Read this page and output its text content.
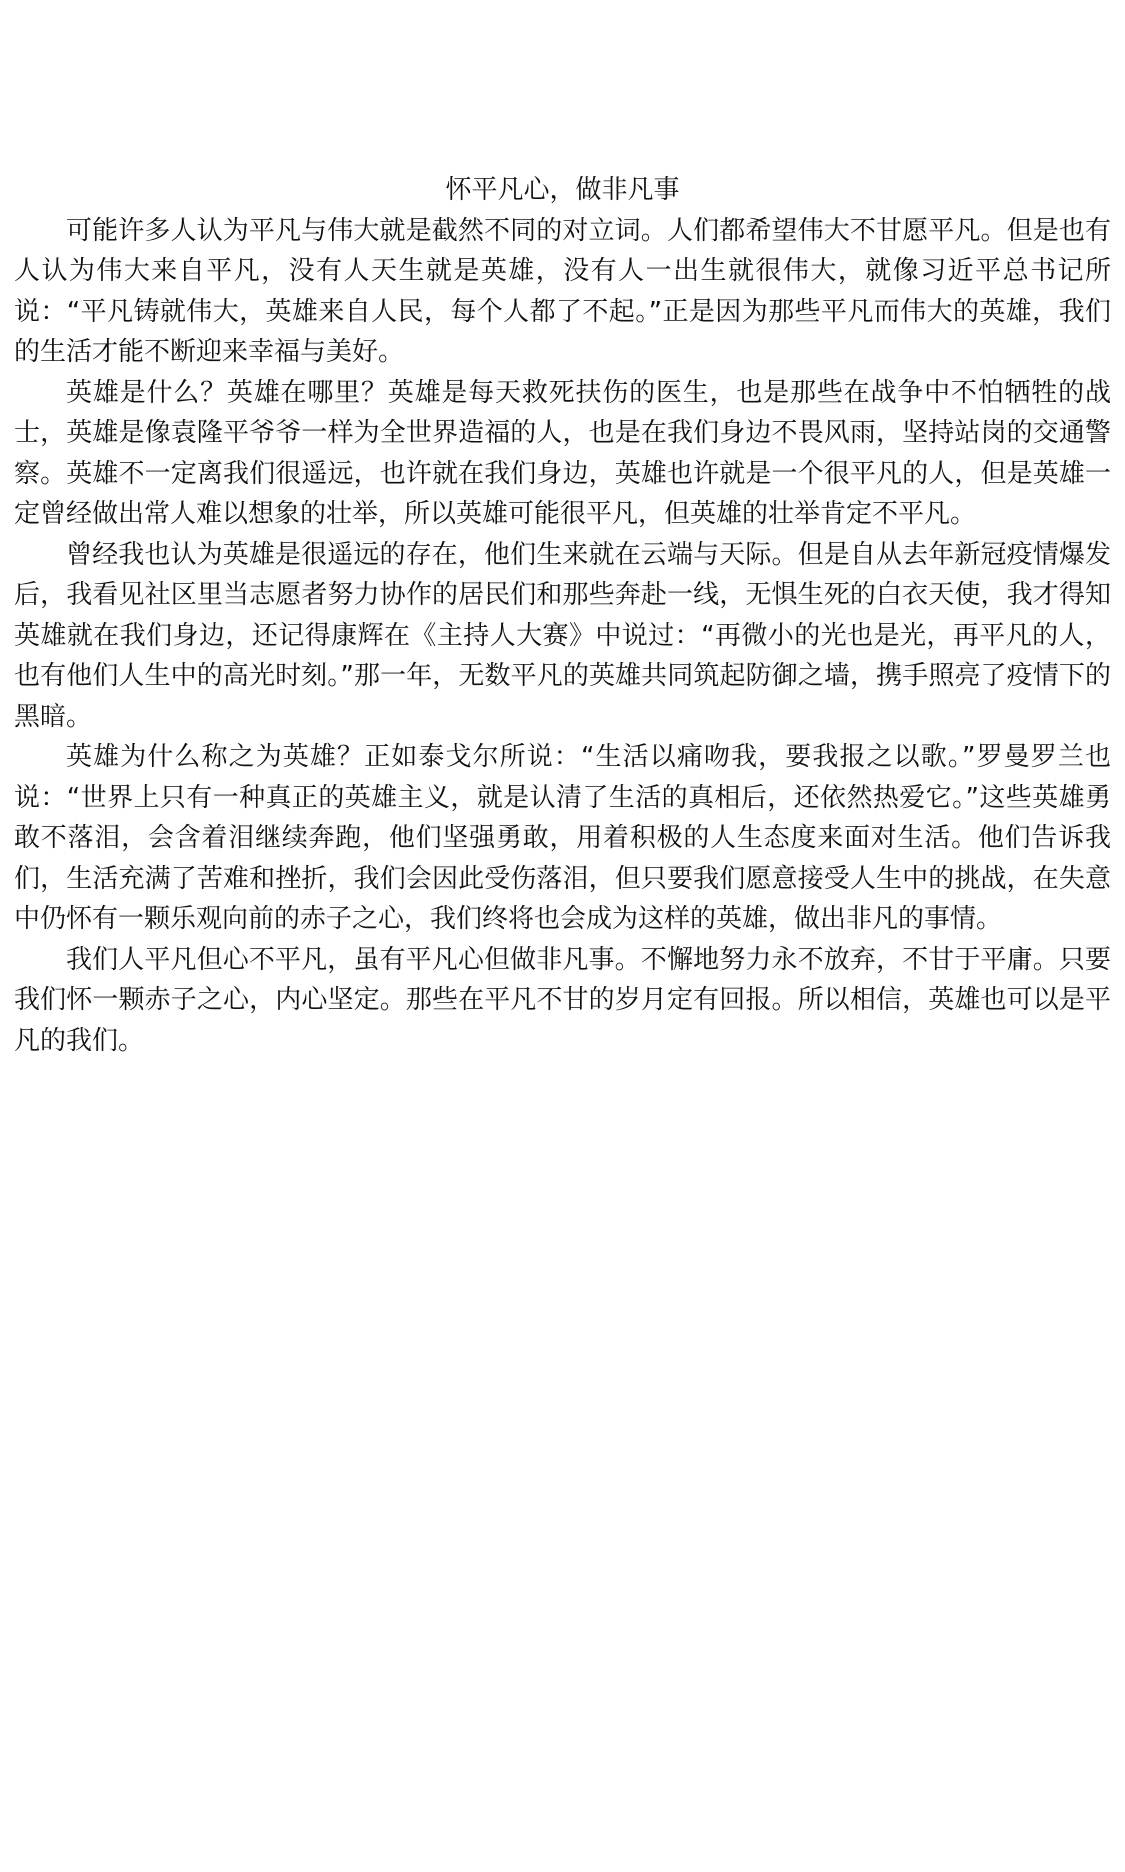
怀平凡心，做非凡事

可能许多人认为平凡与伟大就是截然不同的对立词。人们都希望伟大不甘愿平凡。但是也有人认为伟大来自平凡，没有人天生就是英雄，没有人一出生就很伟大，就像习近平总书记所说：“平凡铸就伟大，英雄来自人民，每个人都了不起。”正是因为那些平凡而伟大的英雄，我们的生活才能不断迎来幸福与美好。

英雄是什么？英雄在哪里？英雄是每天救死扶伤的医生，也是那些在战争中不怕牺牲的战士，英雄是像袁隆平爷爷一样为全世界造福的人，也是在我们身边不畏风雨，坚持站岗的交通警察。英雄不一定离我们很遥远，也许就在我们身边，英雄也许就是一个很平凡的人，但是英雄一定曾经做出常人难以想象的壮举，所以英雄可能很平凡，但英雄的壮举肯定不平凡。

曾经我也认为英雄是很遥远的存在，他们生来就在云端与天际。但是自从去年新冠疫情爆发后，我看见社区里当志愿者努力协作的居民们和那些奔赴一线，无惧生死的白衣天使，我才得知英雄就在我们身边，还记得康辉在《主持人大赛》中说过：“再微小的光也是光，再平凡的人，也有他们人生中的高光时刻。”那一年，无数平凡的英雄共同筑起防御之墙，携手照亮了疫情下的黑暗。

英雄为什么称之为英雄？正如泰戈尔所说：“生活以痛吻我，要我报之以歌。”罗曼罗兰也说：“世界上只有一种真正的英雄主义，就是认清了生活的真相后，还依然热爱它。”这些英雄勇敢不落泪，会含着泪继续奔跑，他们坚强勇敢，用着积极的人生态度来面对生活。他们告诉我们，生活充满了苦难和挫折，我们会因此受伤落泪，但只要我们愿意接受人生中的挑战，在失意中仍怀有一颗乐观向前的赤子之心，我们终将也会成为这样的英雄，做出非凡的事情。

我们人平凡但心不平凡，虽有平凡心但做非凡事。不懈地努力永不放弃，不甘于平庸。只要我们怀一颗赤子之心，内心坚定。那些在平凡不甘的岁月定有回报。所以相信，英雄也可以是平凡的我们。
